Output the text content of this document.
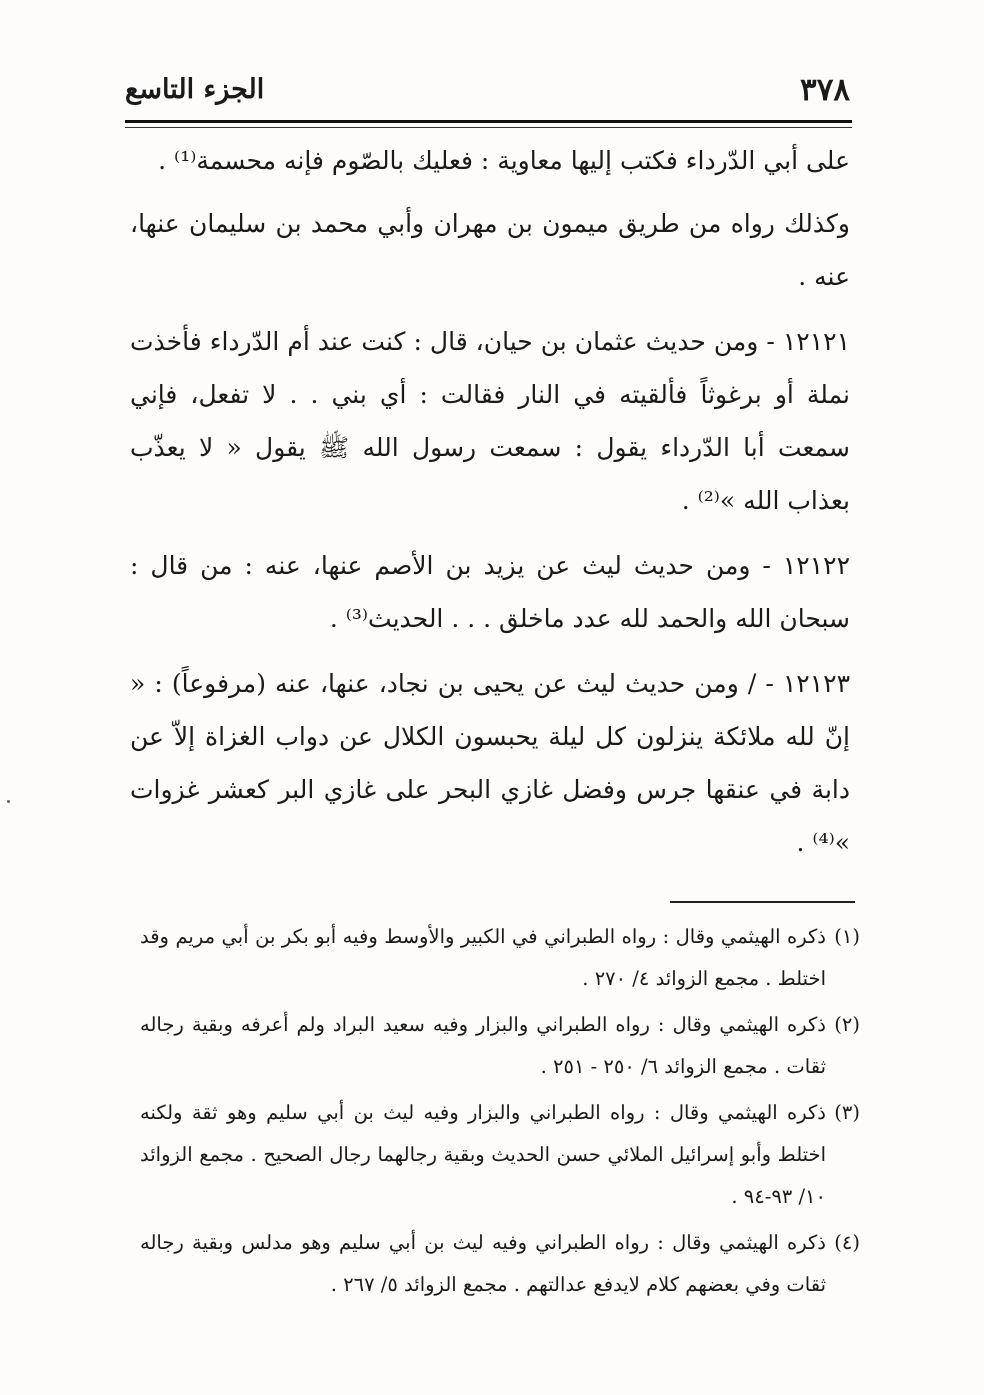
٣٧٨
الجزء التاسع

على أبي الدّرداء فكتب إليها معاوية : فعليك بالصّوم فإنه محسمة⁽¹⁾ .

وكذلك رواه من طريق ميمون بن مهران وأبي محمد بن سليمان عنها، عنه .

١٢١٢١ - ومن حديث عثمان بن حيان، قال : كنت عند أم الدّرداء فأخذت نملة أو برغوثاً فألقيته في النار فقالت : أي بني . . لا تفعل، فإني سمعت أبا الدّرداء يقول : سمعت رسول الله ﷺ يقول « لا يعذّب بعذاب الله »⁽²⁾ .

١٢١٢٢ - ومن حديث ليث عن يزيد بن الأصم عنها، عنه : من قال : سبحان الله والحمد لله عدد ماخلق . . . الحديث⁽³⁾ .

١٢١٢٣ - / ومن حديث ليث عن يحيى بن نجاد، عنها، عنه (مرفوعاً) : « إنّ لله ملائكة ينزلون كل ليلة يحبسون الكلال عن دواب الغزاة إلاّ عن دابة في عنقها جرس وفضل غازي البحر على غازي البر كعشر غزوات »⁽⁴⁾ .

(١)
ذكره الهيثمي وقال : رواه الطبراني في الكبير والأوسط وفيه أبو بكر بن أبي مريم وقد اختلط . مجمع الزوائد ٤/ ٢٧٠ .
(٢)
ذكره الهيثمي وقال : رواه الطبراني والبزار وفيه سعيد البراد ولم أعرفه وبقية رجاله ثقات . مجمع الزوائد ٦/ ٢٥٠ - ٢٥١ .
(٣)
ذكره الهيثمي وقال : رواه الطبراني والبزار وفيه ليث بن أبي سليم وهو ثقة ولكنه اختلط وأبو إسرائيل الملائي حسن الحديث وبقية رجالهما رجال الصحيح . مجمع الزوائد ١٠/ ٩٣-٩٤ .
(٤)
ذكره الهيثمي وقال : رواه الطبراني وفيه ليث بن أبي سليم وهو مدلس وبقية رجاله ثقات وفي بعضهم كلام لايدفع عدالتهم . مجمع الزوائد ٥/ ٢٦٧ .
